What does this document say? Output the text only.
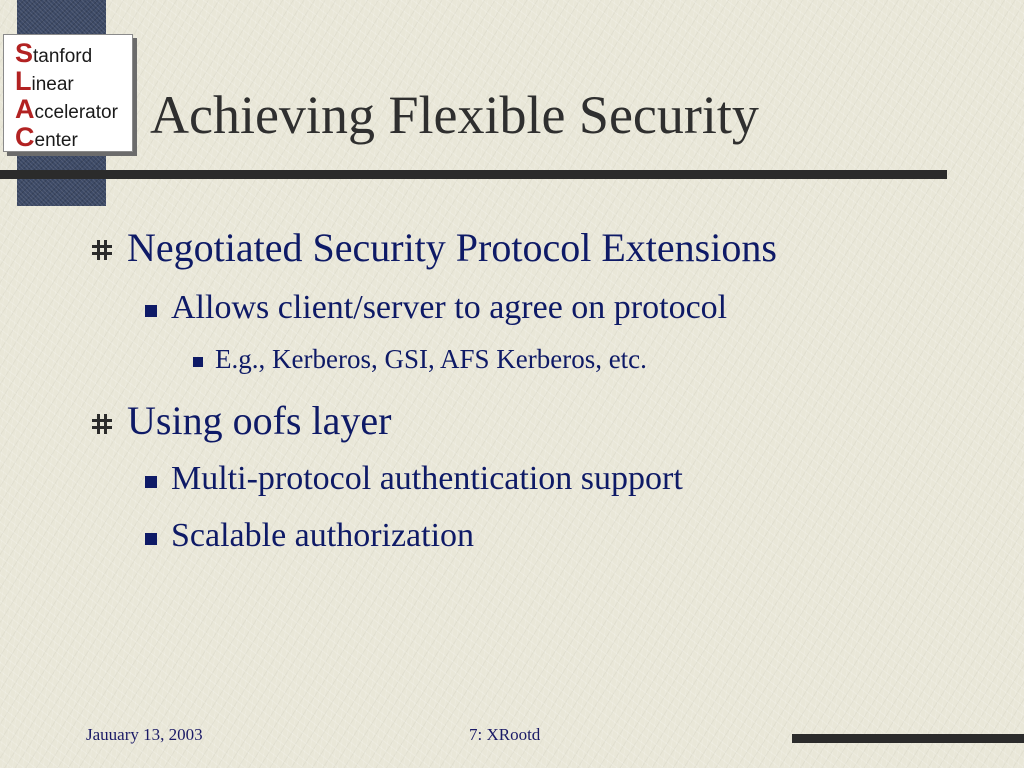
Stanford
Linear
Accelerator
Center	Achieving Flexible Security
Negotiated Security Protocol Extensions
Allows client/server to agree on protocol
E.g., Kerberos, GSI, AFS Kerberos, etc.
Using oofs layer
Multi-protocol authentication support
Scalable authorization
Jauuary 13, 2003	7: XRootd
